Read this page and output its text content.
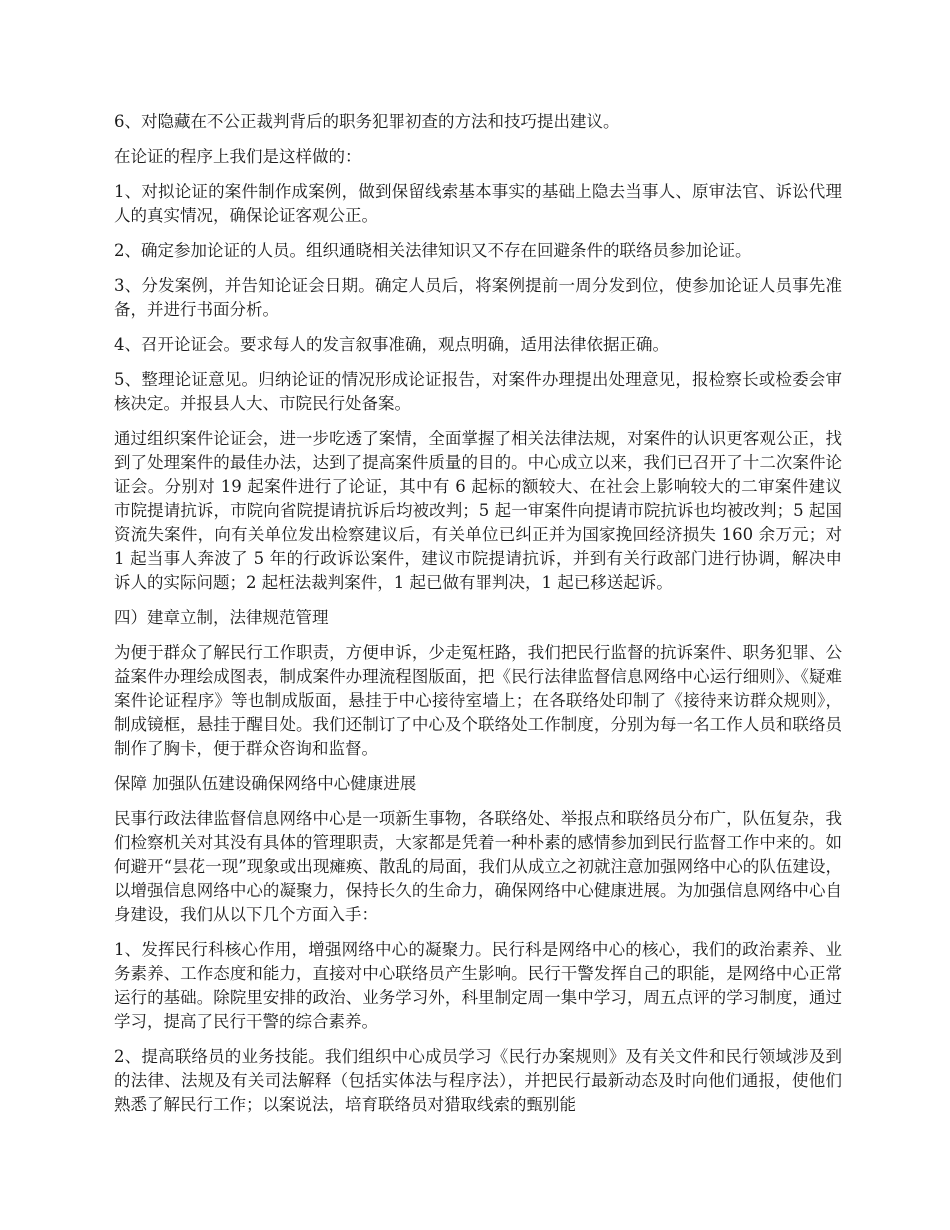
6、对隐藏在不公正裁判背后的职务犯罪初查的方法和技巧提出建议。

在论证的程序上我们是这样做的：

1、对拟论证的案件制作成案例，做到保留线索基本事实的基础上隐去当事人、原审法官、诉讼代理人的真实情况，确保论证客观公正。

2、确定参加论证的人员。组织通晓相关法律知识又不存在回避条件的联络员参加论证。

3、分发案例，并告知论证会日期。确定人员后，将案例提前一周分发到位，使参加论证人员事先准备，并进行书面分析。

4、召开论证会。要求每人的发言叙事准确，观点明确，适用法律依据正确。

5、整理论证意见。归纳论证的情况形成论证报告，对案件办理提出处理意见，报检察长或检委会审核决定。并报县人大、市院民行处备案。

通过组织案件论证会，进一步吃透了案情，全面掌握了相关法律法规，对案件的认识更客观公正，找到了处理案件的最佳办法，达到了提高案件质量的目的。中心成立以来，我们已召开了十二次案件论证会。分别对 19 起案件进行了论证，其中有 6 起标的额较大、在社会上影响较大的二审案件建议市院提请抗诉，市院向省院提请抗诉后均被改判；5 起一审案件向提请市院抗诉也均被改判；5 起国资流失案件，向有关单位发出检察建议后，有关单位已纠正并为国家挽回经济损失 160 余万元；对 1 起当事人奔波了 5 年的行政诉讼案件，建议市院提请抗诉，并到有关行政部门进行协调，解决申诉人的实际问题；2 起枉法裁判案件，1 起已做有罪判决，1 起已移送起诉。

四）建章立制，法律规范管理

为便于群众了解民行工作职责，方便申诉，少走冤枉路，我们把民行监督的抗诉案件、职务犯罪、公益案件办理绘成图表，制成案件办理流程图版面，把《民行法律监督信息网络中心运行细则》、《疑难案件论证程序》等也制成版面，悬挂于中心接待室墙上；在各联络处印制了《接待来访群众规则》，制成镜框，悬挂于醒目处。我们还制订了中心及个联络处工作制度，分别为每一名工作人员和联络员制作了胸卡，便于群众咨询和监督。

保障 加强队伍建设确保网络中心健康进展

民事行政法律监督信息网络中心是一项新生事物，各联络处、举报点和联络员分布广，队伍复杂，我们检察机关对其没有具体的管理职责，大家都是凭着一种朴素的感情参加到民行监督工作中来的。如何避开“昙花一现”现象或出现瘫痪、散乱的局面，我们从成立之初就注意加强网络中心的队伍建设，以增强信息网络中心的凝聚力，保持长久的生命力，确保网络中心健康进展。为加强信息网络中心自身建设，我们从以下几个方面入手：

1、发挥民行科核心作用，增强网络中心的凝聚力。民行科是网络中心的核心，我们的政治素养、业务素养、工作态度和能力，直接对中心联络员产生影响。民行干警发挥自己的职能，是网络中心正常运行的基础。除院里安排的政治、业务学习外，科里制定周一集中学习，周五点评的学习制度，通过学习，提高了民行干警的综合素养。

2、提高联络员的业务技能。我们组织中心成员学习《民行办案规则》及有关文件和民行领域涉及到的法律、法规及有关司法解释（包括实体法与程序法），并把民行最新动态及时向他们通报，使他们熟悉了解民行工作；以案说法，培育联络员对猎取线索的甄别能
